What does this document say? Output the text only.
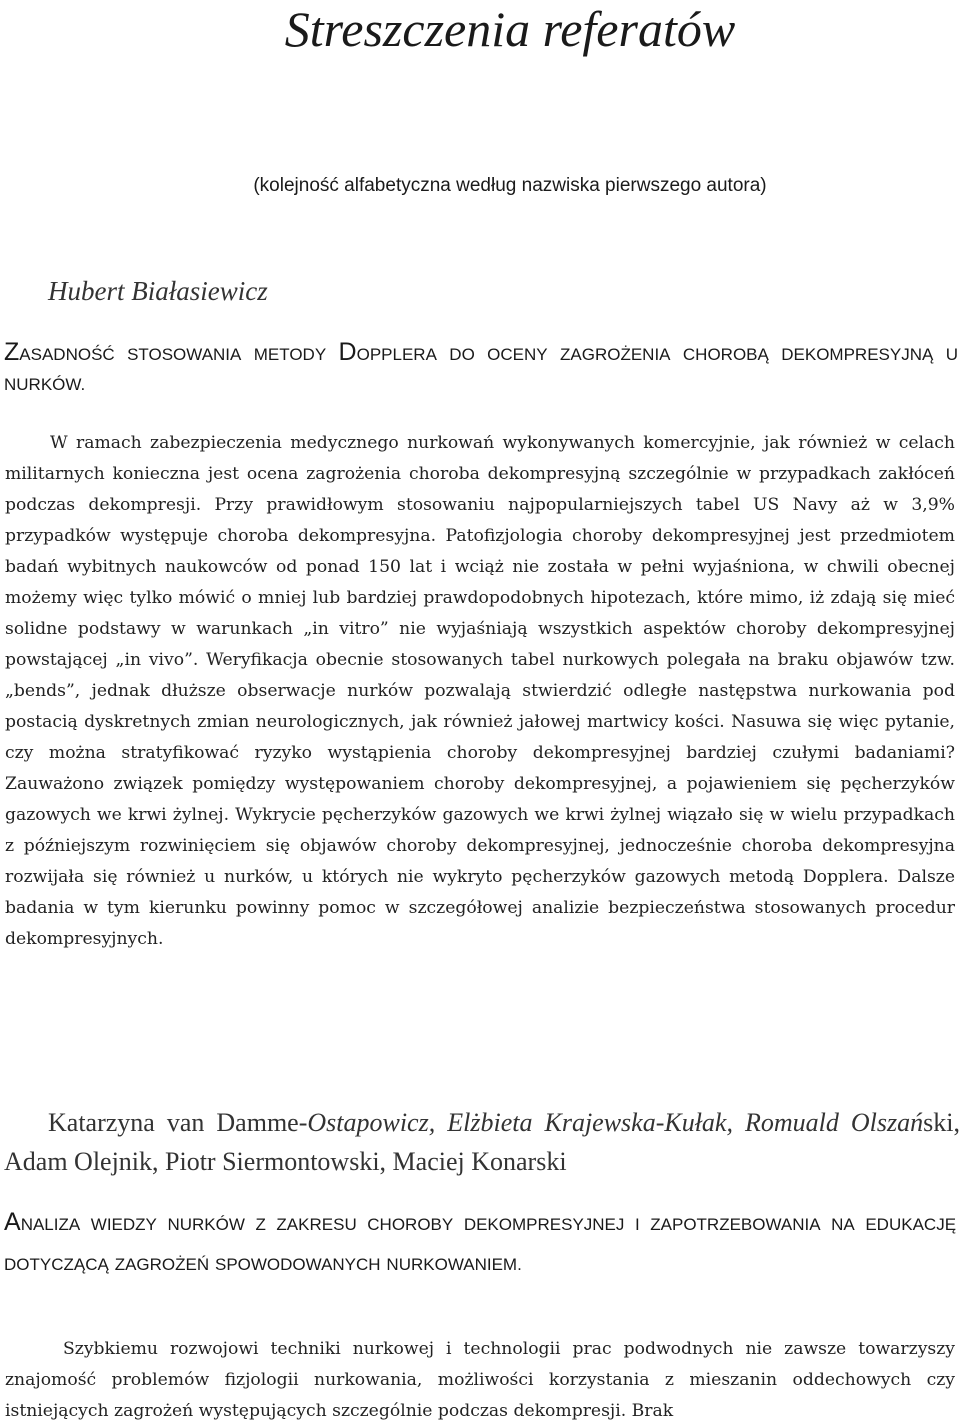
Streszczenia referatów

(kolejność alfabetyczna według nazwiska pierwszego autora)

Hubert Białasiewicz

ZASADNOŚĆ STOSOWANIA METODY DOPPLERA DO OCENY ZAGROŻENIA CHOROBĄ DEKOMPRESYJNĄ U NURKÓW.

W ramach zabezpieczenia medycznego nurkowań wykonywanych komercyjnie, jak również w celach militarnych konieczna jest ocena zagrożenia choroba dekompresyjną szczególnie w przypadkach zakłóceń podczas dekompresji. Przy prawidłowym stosowaniu najpopularniejszych tabel US Navy aż w 3,9% przypadków występuje choroba dekompresyjna. Patofizjologia choroby dekompresyjnej jest przedmiotem badań wybitnych naukowców od ponad 150 lat i wciąż nie została w pełni wyjaśniona, w chwili obecnej możemy więc tylko mówić o mniej lub bardziej prawdopodobnych hipotezach, które mimo, iż zdają się mieć solidne podstawy w warunkach „in vitro” nie wyjaśniają wszystkich aspektów choroby dekompresyjnej powstającej „in vivo”. Weryfikacja obecnie stosowanych tabel nurkowych polegała na braku objawów tzw. „bends”, jednak dłuższe obserwacje nurków pozwalają stwierdzić odległe następstwa nurkowania pod postacią dyskretnych zmian neurologicznych, jak również jałowej martwicy kości. Nasuwa się więc pytanie, czy można stratyfikować ryzyko wystąpienia choroby dekompresyjnej bardziej czułymi badaniami? Zauważono związek pomiędzy występowaniem choroby dekompresyjnej, a pojawieniem się pęcherzyków gazowych we krwi żylnej. Wykrycie pęcherzyków gazowych we krwi żylnej wiązało się w wielu przypadkach z późniejszym rozwinięciem się objawów choroby dekompresyjnej, jednocześnie choroba dekompresyjna rozwijała się również u nurków, u których nie wykryto pęcherzyków gazowych metodą Dopplera. Dalsze badania w tym kierunku powinny pomoc w szczegółowej analizie bezpieczeństwa stosowanych procedur dekompresyjnych.

Katarzyna van Damme-Ostapowicz, Elżbieta Krajewska-Kułak, Romuald Olszański, Adam Olejnik, Piotr Siermontowski, Maciej Konarski

ANALIZA WIEDZY NURKÓW Z ZAKRESU CHOROBY DEKOMPRESYJNEJ I ZAPOTRZEBOWANIA NA EDUKACJĘ DOTYCZĄCĄ ZAGROŻEŃ SPOWODOWANYCH NURKOWANIEM.

Szybkiemu rozwojowi techniki nurkowej i technologii prac podwodnych nie zawsze towarzyszy znajomość problemów fizjologii nurkowania, możliwości korzystania z mieszanin oddechowych czy istniejących zagrożeń występujących szczególnie podczas dekompresji. Brak
